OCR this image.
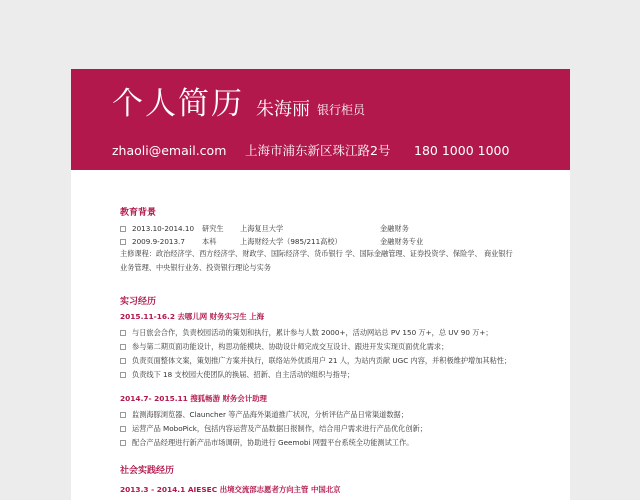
个人简历 朱海丽 银行柜员
zhaoli@email.com 上海市浦东新区珠江路2号 180 1000 1000
教育背景
2013.10-2014.10 研究生 上海复旦大学	金融财务
2009.9-2013.7 本科	上海财经大学（985/211高校）	金融财务专业
主修课程：政治经济学、西方经济学、财政学、国际经济学、货币银行 学、国际金融管理、证券投资学、保险学、 商业银行业务管理、中央银行业务、投资银行理论与实务
实习经历
2015.11-16.2 去哪儿网 财务实习生 上海
与日旅会合作，负责校园活动的策划和执行，累计参与人数 2000+，活动网站总 PV 150 万+，总 UV 90 万+；
参与第二期页面功能设计，构思功能模块、协助设计师完成交互设计、跟进开发实现页面优化需求；
负责页面整体文案，策划推广方案并执行，联络站外优质用户 21 人，为站内贡献 UGC 内容，并积极维护增加其粘性；
负责线下 18 支校园大使团队的换届、招新、自主活动的组织与指导；
2014.7- 2015.11 搜狐畅游 财务会计助理
监测海豚浏览器、Clauncher 等产品海外渠道推广状况，分析评估产品日常渠道数据；
运营产品 MoboPick，包括内容运营及产品数据日报制作，结合用户需求进行产品优化创新；
配合产品经理进行新产品市场调研，协助进行 Geemobi 网盟平台系统全功能测试工作。
社会实践经历
2013.3 - 2014.1 AIESEC 出境交流部志愿者方向主管 中国北京
